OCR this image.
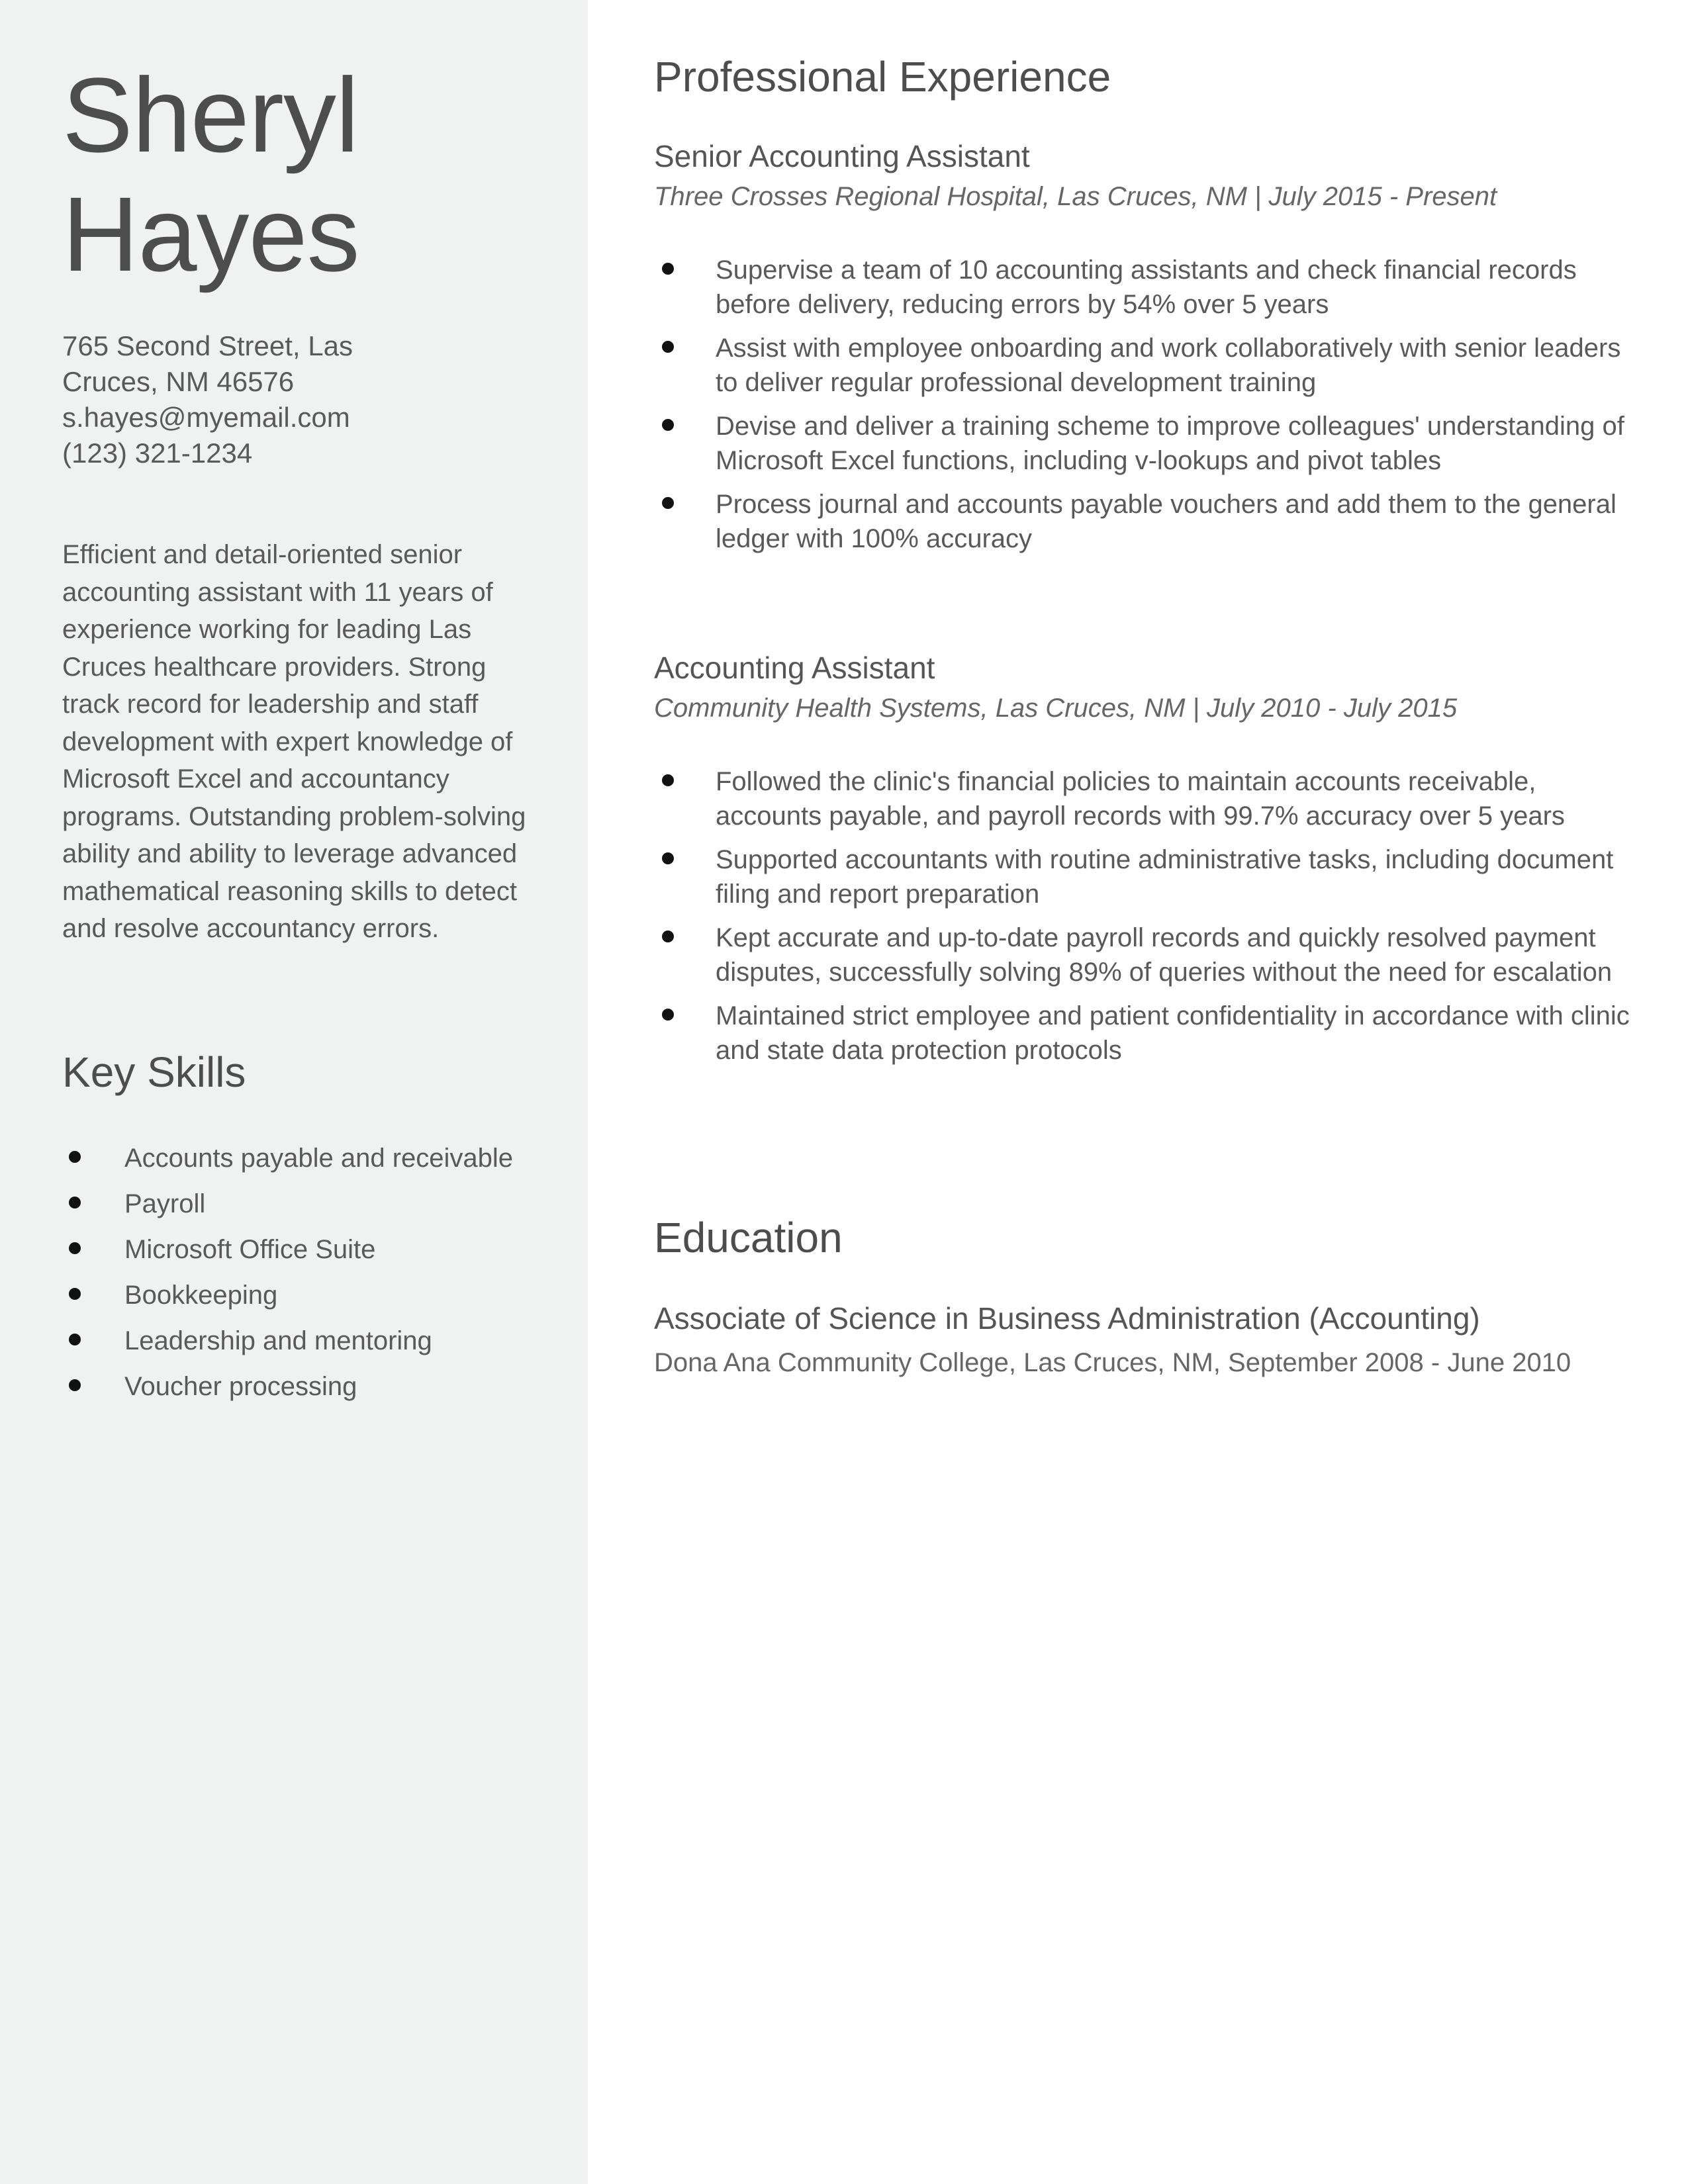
Sheryl
Hayes
765 Second Street, Las Cruces, NM 46576
s.hayes@myemail.com
(123) 321-1234

Efficient and detail-oriented senior accounting assistant with 11 years of experience working for leading Las Cruces healthcare providers. Strong track record for leadership and staff development with expert knowledge of Microsoft Excel and accountancy programs. Outstanding problem-solving ability and ability to leverage advanced mathematical reasoning skills to detect and resolve accountancy errors.

Key Skills
Accounts payable and receivable
Payroll
Microsoft Office Suite
Bookkeeping
Leadership and mentoring
Voucher processing
Professional Experience
Senior Accounting Assistant

Three Crosses Regional Hospital, Las Cruces, NM | July 2015 - Present

Supervise a team of 10 accounting assistants and check financial records before delivery, reducing errors by 54% over 5 years
Assist with employee onboarding and work collaboratively with senior leaders to deliver regular professional development training
Devise and deliver a training scheme to improve colleagues' understanding of Microsoft Excel functions, including v-lookups and pivot tables
Process journal and accounts payable vouchers and add them to the general ledger with 100% accuracy
Accounting Assistant

Community Health Systems, Las Cruces, NM | July 2010 - July 2015

Followed the clinic's financial policies to maintain accounts receivable, accounts payable, and payroll records with 99.7% accuracy over 5 years
Supported accountants with routine administrative tasks, including document filing and report preparation
Kept accurate and up-to-date payroll records and quickly resolved payment disputes, successfully solving 89% of queries without the need for escalation
Maintained strict employee and patient confidentiality in accordance with clinic and state data protection protocols
Education
Associate of Science in Business Administration (Accounting)

Dona Ana Community College, Las Cruces, NM, September 2008 - June 2010
